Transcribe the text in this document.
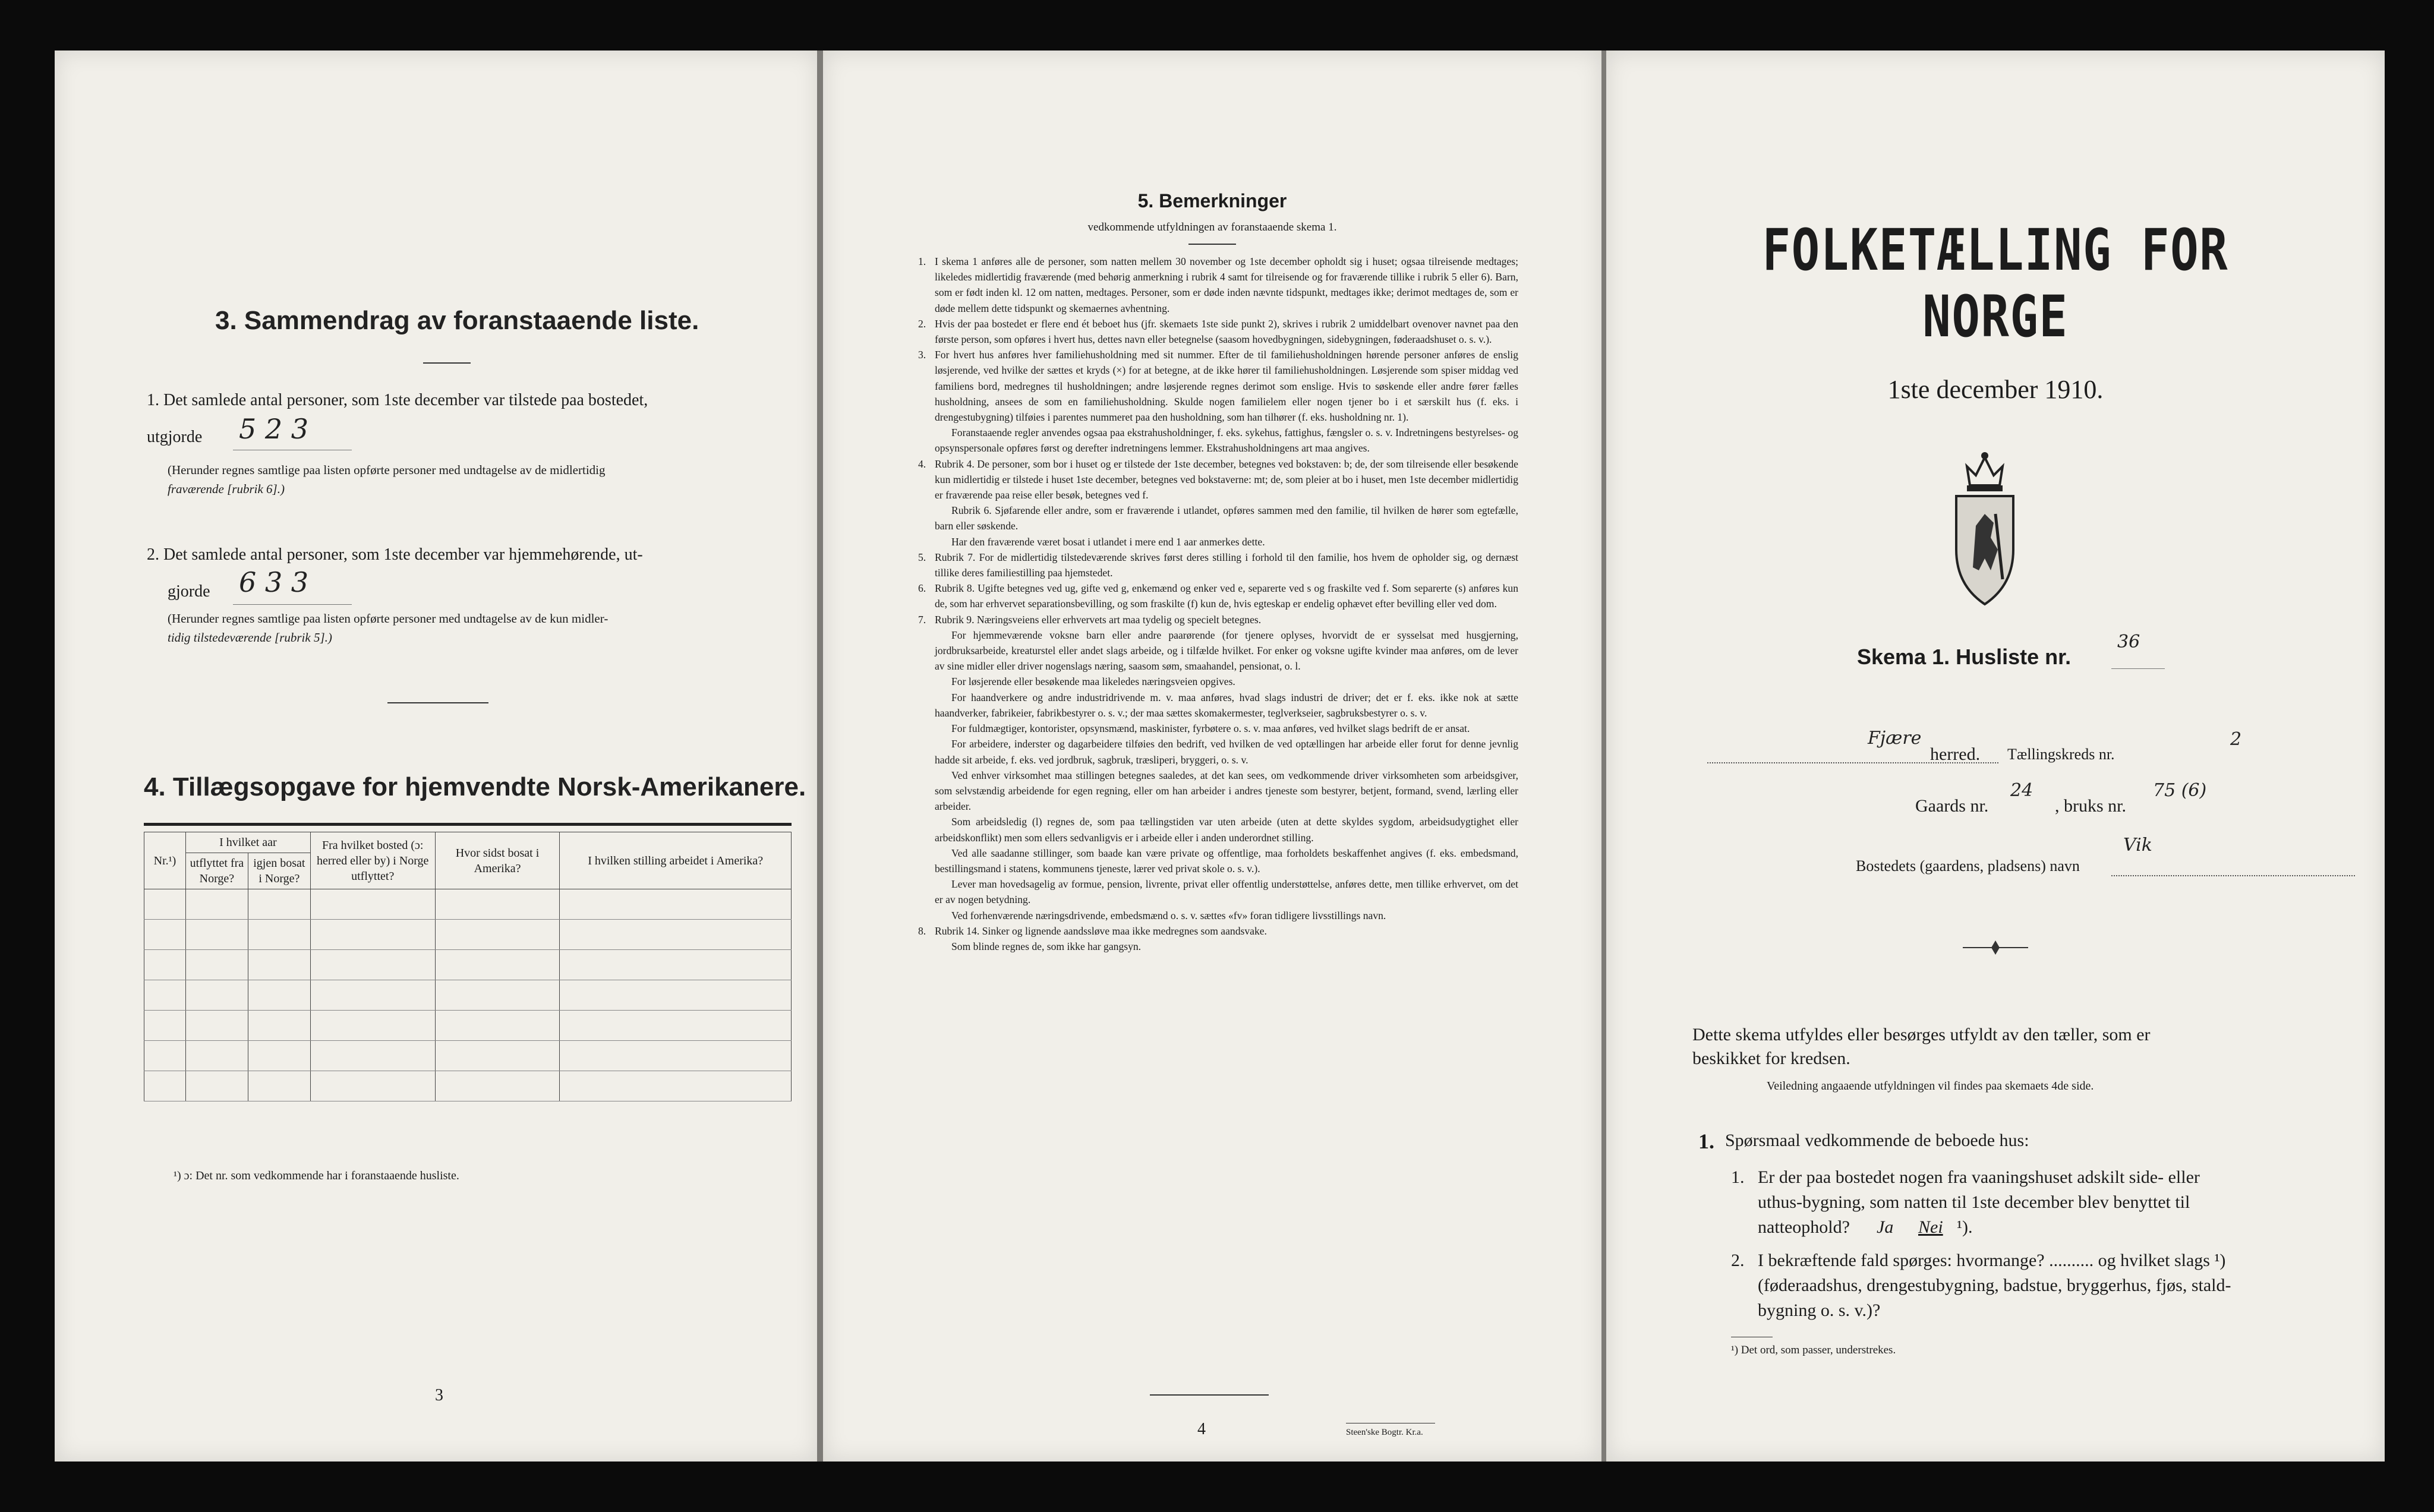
3. Sammendrag av foranstaaende liste.
1. Det samlede antal personer, som 1ste december var tilstede paa bostedet,
utgjorde 5 2 3
(Herunder regnes samtlige paa listen opførte personer med undtagelse av de midlertidig
fraværende [rubrik 6].)
2. Det samlede antal personer, som 1ste december var hjemmehørende, ut-
gjorde 6 3 3
(Herunder regnes samtlige paa listen opførte personer med undtagelse av de kun midler-
tidig tilstedeværende [rubrik 5].)
4. Tillægsopgave for hjemvendte Norsk-Amerikanere.
Nr.¹)	I hvilket aar		Fra hvilket bosted (ɔ: herred eller by) i Norge utflyttet?	Hvor sidst bosat i Amerika?	I hvilken stilling arbeidet i Amerika?
	utflyttet fra Norge?	igjen bosat i Norge?			

¹) ɔ: Det nr. som vedkommende har i foranstaaende husliste.
3
5. Bemerkninger
vedkommende utfyldningen av foranstaaende skema 1.

1. I skema 1 anføres alle de personer, som natten mellem 30 november og 1ste december opholdt sig i huset; ogsaa tilreisende medtages; likeledes midlertidig fraværende (med behørig anmerkning i rubrik 4 samt for tilreisende og for fraværende tillike i rubrik 5 eller 6). Barn, som er født inden kl. 12 om natten, medtages. Personer, som er døde inden nævnte tidspunkt, medtages ikke; derimot medtages de, som er døde mellem dette tidspunkt og skemaernes avhentning.

2. Hvis der paa bostedet er flere end ét beboet hus (jfr. skemaets 1ste side punkt 2), skrives i rubrik 2 umiddelbart ovenover navnet paa den første person, som opføres i hvert hus, dettes navn eller betegnelse (saasom hovedbygningen, sidebygningen, føderaadshuset o. s. v.).

3. For hvert hus anføres hver familiehusholdning med sit nummer. Efter de til familiehusholdningen hørende personer anføres de enslig løsjerende, ved hvilke der sættes et kryds (×) for at betegne, at de ikke hører til familiehusholdningen. Løsjerende som spiser middag ved familiens bord, medregnes til husholdningen; andre løsjerende regnes derimot som enslige. Hvis to søskende eller andre fører fælles husholdning, ansees de som en familiehusholdning. Skulde nogen familielem eller nogen tjener bo i et særskilt hus (f. eks. i drengestubygning) tilføies i parentes nummeret paa den husholdning, som han tilhører (f. eks. husholdning nr. 1).

Foranstaaende regler anvendes ogsaa paa ekstrahusholdninger, f. eks. sykehus, fattighus, fængsler o. s. v. Indretningens bestyrelses- og opsynspersonale opføres først og derefter indretningens lemmer. Ekstrahusholdningens art maa angives.

4. Rubrik 4. De personer, som bor i huset og er tilstede der 1ste december, betegnes ved bokstaven: b; de, der som tilreisende eller besøkende kun midlertidig er tilstede i huset 1ste december, betegnes ved bokstaverne: mt; de, som pleier at bo i huset, men 1ste december midlertidig er fraværende paa reise eller besøk, betegnes ved f.

Rubrik 6. Sjøfarende eller andre, som er fraværende i utlandet, opføres sammen med den familie, til hvilken de hører som egtefælle, barn eller søskende.

Har den fraværende været bosat i utlandet i mere end 1 aar anmerkes dette.

5. Rubrik 7. For de midlertidig tilstedeværende skrives først deres stilling i forhold til den familie, hos hvem de opholder sig, og dernæst tillike deres familiestilling paa hjemstedet.

6. Rubrik 8. Ugifte betegnes ved ug, gifte ved g, enkemænd og enker ved e, separerte ved s og fraskilte ved f. Som separerte (s) anføres kun de, som har erhvervet separationsbevilling, og som fraskilte (f) kun de, hvis egteskap er endelig ophævet efter bevilling eller ved dom.

7. Rubrik 9. Næringsveiens eller erhvervets art maa tydelig og specielt betegnes.

For hjemmeværende voksne barn eller andre paarørende (for tjenere oplyses, hvorvidt de er sysselsat med husgjerning, jordbruksarbeide, kreaturstel eller andet slags arbeide, og i tilfælde hvilket. For enker og voksne ugifte kvinder maa anføres, om de lever av sine midler eller driver nogenslags næring, saasom søm, smaahandel, pensionat, o. l.

For løsjerende eller besøkende maa likeledes næringsveien opgives.

For haandverkere og andre industridrivende m. v. maa anføres, hvad slags industri de driver; det er f. eks. ikke nok at sætte haandverker, fabrikeier, fabrikbestyrer o. s. v.; der maa sættes skomakermester, teglverkseier, sagbruksbestyrer o. s. v.

For fuldmægtiger, kontorister, opsynsmænd, maskinister, fyrbøtere o. s. v. maa anføres, ved hvilket slags bedrift de er ansat.

For arbeidere, inderster og dagarbeidere tilføies den bedrift, ved hvilken de ved optællingen har arbeide eller forut for denne jevnlig hadde sit arbeide, f. eks. ved jordbruk, sagbruk, træsliperi, bryggeri, o. s. v.

Ved enhver virksomhet maa stillingen betegnes saaledes, at det kan sees, om vedkommende driver virksomheten som arbeidsgiver, som selvstændig arbeidende for egen regning, eller om han arbeider i andres tjeneste som bestyrer, betjent, formand, svend, lærling eller arbeider.

Som arbeidsledig (l) regnes de, som paa tællingstiden var uten arbeide (uten at dette skyldes sygdom, arbeidsudygtighet eller arbeidskonflikt) men som ellers sedvanligvis er i arbeide eller i anden underordnet stilling.

Ved alle saadanne stillinger, som baade kan være private og offentlige, maa forholdets beskaffenhet angives (f. eks. embedsmand, bestillingsmand i statens, kommunens tjeneste, lærer ved privat skole o. s. v.).

Lever man hovedsagelig av formue, pension, livrente, privat eller offentlig understøttelse, anføres dette, men tillike erhvervet, om det er av nogen betydning.

Ved forhenværende næringsdrivende, embedsmænd o. s. v. sættes «fv» foran tidligere livsstillings navn.

8. Rubrik 14. Sinker og lignende aandssløve maa ikke medregnes som aandsvake.

Som blinde regnes de, som ikke har gangsyn.

4	Steen'ske Bogtr. Kr.a.
FOLKETÆLLING FOR NORGE
1ste december 1910.
Skema 1. Husliste nr.
36
Fjære
herred. Tællingskreds nr.
2
Gaards nr.
24
, bruks nr.
75 (6)
Bostedets (gaardens, pladsens) navn
Vik
Dette skema utfyldes eller besørges utfyldt av den tæller, som er
beskikket for kredsen.
Veiledning angaaende utfyldningen vil findes paa skemaets 4de side.
1. Spørsmaal vedkommende de beboede hus:
1. Er der paa bostedet nogen fra vaaningshuset adskilt side- eller
uthus-bygning, som natten til 1ste december blev benyttet til
natteophold? Ja Nei ¹).
2. I bekræftende fald spørges: hvormange? .......... og hvilket slags ¹)
(føderaadshus, drengestubygning, badstue, bryggerhus, fjøs, stald-
bygning o. s. v.)?
¹) Det ord, som passer, understrekes.
